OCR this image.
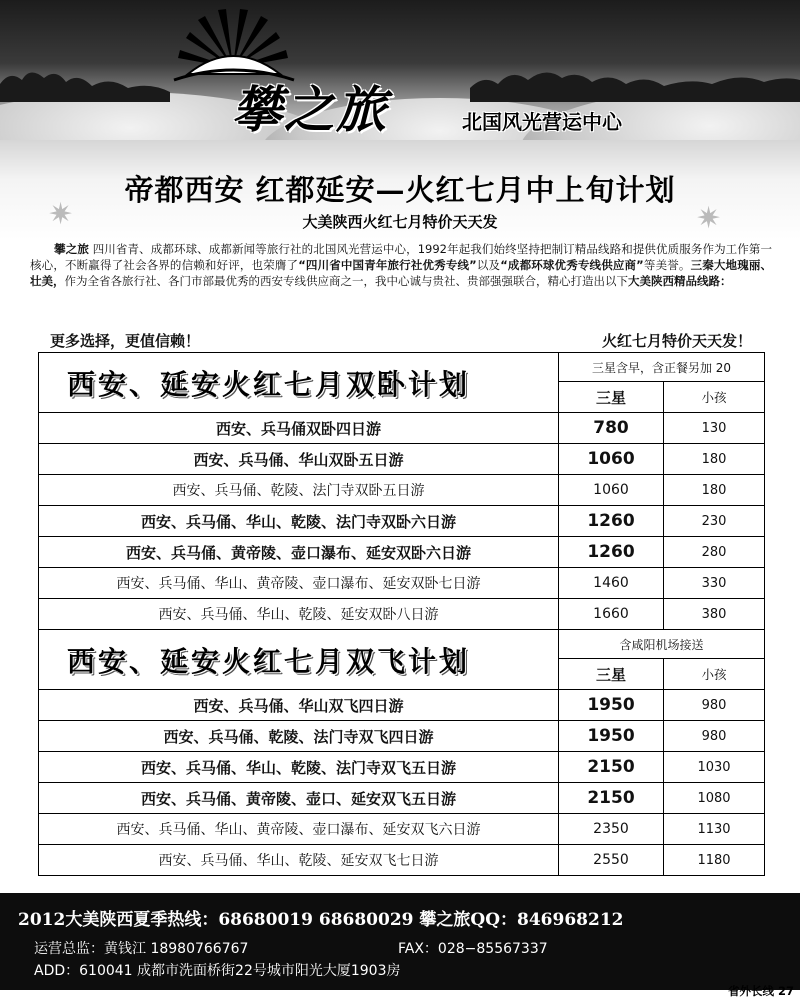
攀之旅	北国风光营运中心
帝都西安 红都延安—火红七月中上旬计划
✷	✷
大美陕西火红七月特价天天发
攀之旅 四川省青、成都环球、成都新闻等旅行社的北国风光营运中心，1992年起我们始终坚持把制订精品线路和提供优质服务作为工作第一核心，不断赢得了社会各界的信赖和好评，也荣膺了“四川省中国青年旅行社优秀专线”以及“成都环球优秀专线供应商”等美誉。三秦大地瑰丽、壮美，作为全省各旅行社、各门市部最优秀的西安专线供应商之一，我中心诚与贵社、贵部强强联合，精心打造出以下大美陕西精品线路：
更多选择，更值信赖！	火红七月特价天天发！
西安、延安火红七月双卧计划	三星含早，含正餐另加 20	
	三星	小孩
西安、兵马俑双卧四日游	780	130
西安、兵马俑、华山双卧五日游	1060	180
西安、兵马俑、乾陵、法门寺双卧五日游	1060	180
西安、兵马俑、华山、乾陵、法门寺双卧六日游	1260	230
西安、兵马俑、黄帝陵、壶口瀑布、延安双卧六日游	1260	280
西安、兵马俑、华山、黄帝陵、壶口瀑布、延安双卧七日游	1460	330
西安、兵马俑、华山、乾陵、延安双卧八日游	1660	380
西安、延安火红七月双飞计划	含咸阳机场接送	
	三星	小孩
西安、兵马俑、华山双飞四日游	1950	980
西安、兵马俑、乾陵、法门寺双飞四日游	1950	980
西安、兵马俑、华山、乾陵、法门寺双飞五日游	2150	1030
西安、兵马俑、黄帝陵、壶口、延安双飞五日游	2150	1080
西安、兵马俑、华山、黄帝陵、壶口瀑布、延安双飞六日游	2350	1130
西安、兵马俑、华山、乾陵、延安双飞七日游	2550	1180
2012大美陕西夏季热线：68680019 68680029 攀之旅QQ：846968212
运营总监：黄钱江 18980766767	FAX：028−85567337
ADD：610041 成都市洗面桥街22号城市阳光大厦1903房
省外长线 27
